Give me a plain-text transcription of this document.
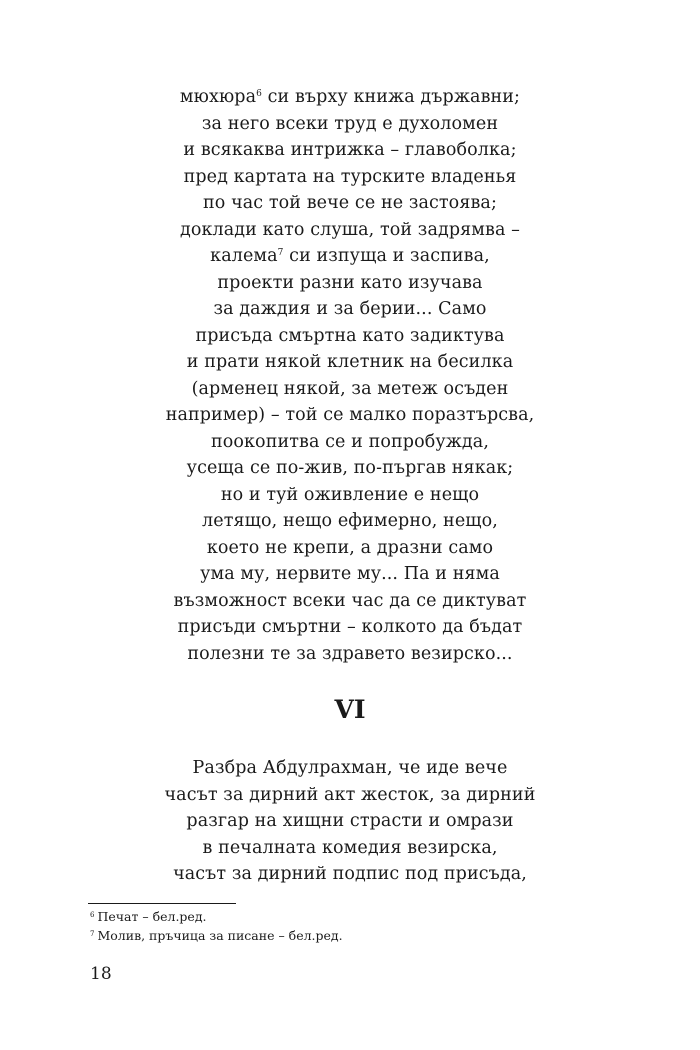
мюхюра$^6$ си върху книжа държавни;
за него всеки труд е духоломен
и всякаква интрижка – главоболка;
пред картата на турските владенья
по час той вече се не застоява;
доклади като слуша, той задрямва –
калема$^7$ си изпуща и заспива,
проекти разни като изучава
за даждия и за берии... Само
присъда смъртна като задиктува
и прати някой клетник на бесилка
(арменец някой, за метеж осъден
например) – той се малко поразтърсва,
поокопитва се и попробужда,
усеща се по-жив, по-пъргав някак;
но и туй оживление е нещо
летящо, нещо ефимерно, нещо,
което не крепи, а дразни само
ума му, нервите му... Па и няма
възможност всеки час да се диктуват
присъди смъртни – колкото да бъдат
полезни те за здравето везирско...
VI
Разбра Абдулрахман, че иде вече
часът за дирний акт жесток, за дирний
разгар на хищни страсти и омрази
в печалната комедия везирска,
часът за дирний подпис под присъда,
$^6$ Печат – бел.ред.
$^7$ Молив, пръчица за писане – бел.ред.
18
